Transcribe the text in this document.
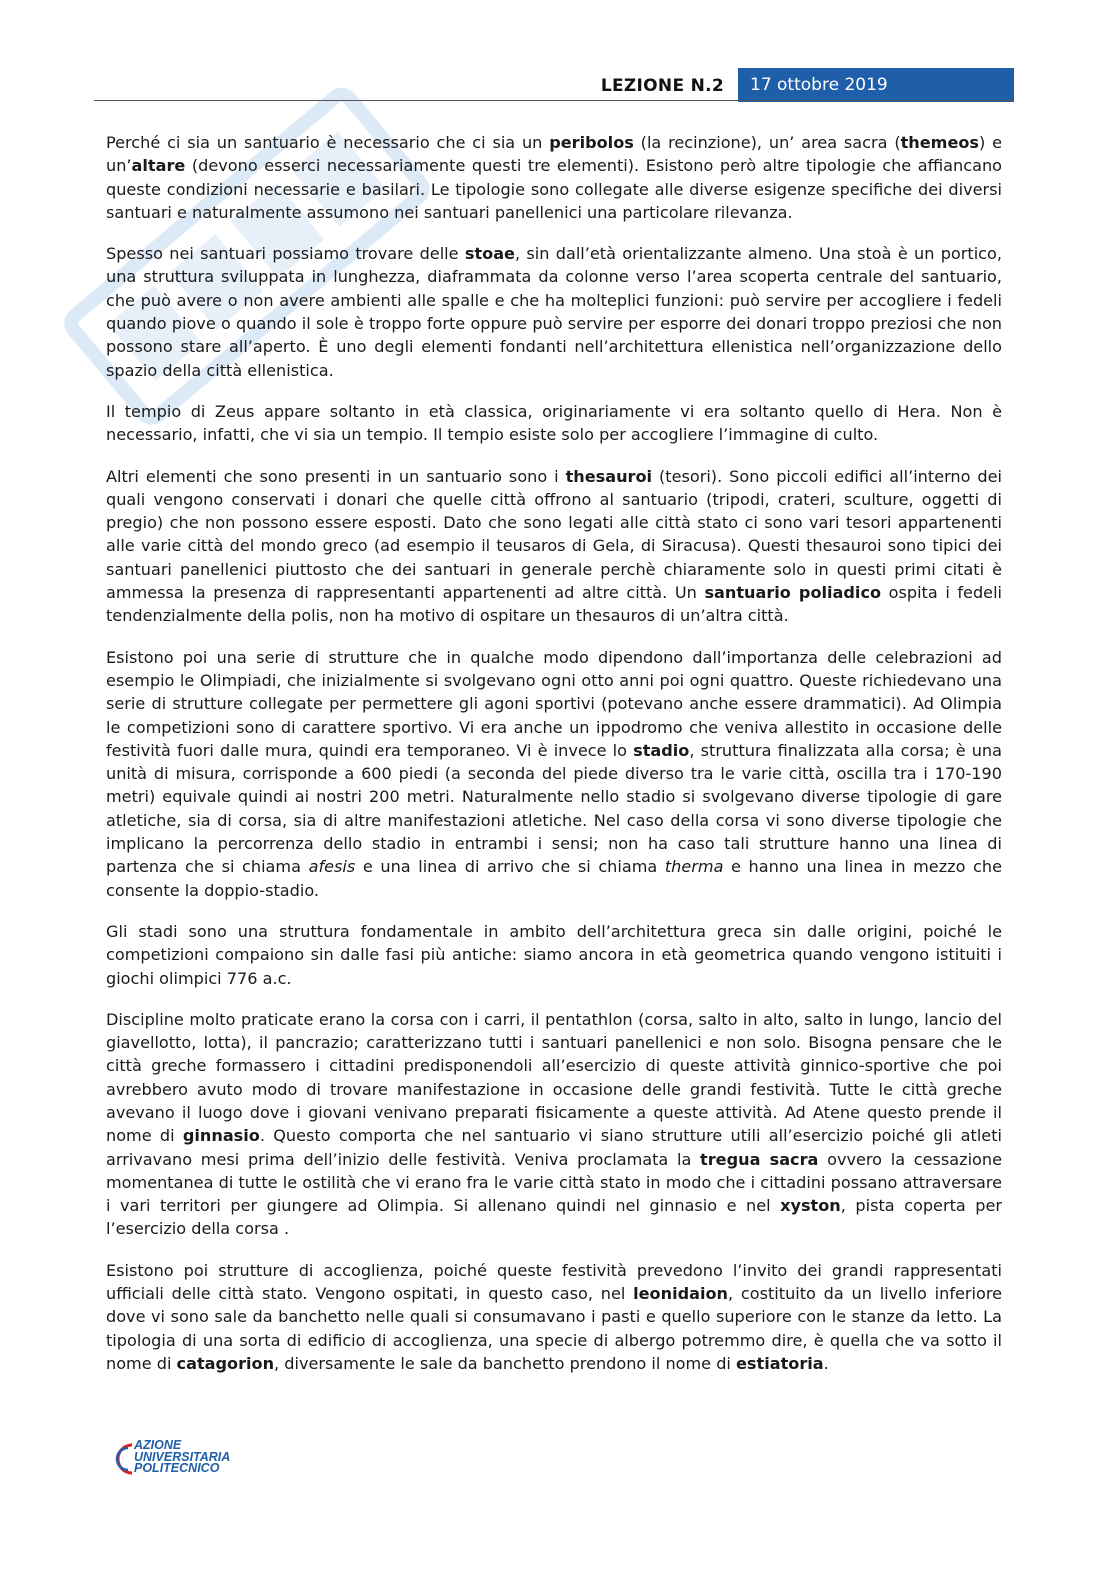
LEZIONE N.2	17 ottobre 2019

Perché ci sia un santuario è necessario che ci sia un peribolos (la recinzione), un’ area sacra (themeos) e un’altare (devono esserci necessariamente questi tre elementi). Esistono però altre tipologie che affiancano queste condizioni necessarie e basilari. Le tipologie sono collegate alle diverse esigenze specifiche dei diversi santuari e naturalmente assumono nei santuari panellenici una particolare rilevanza.

Spesso nei santuari possiamo trovare delle stoae, sin dall’età orientalizzante almeno. Una stoà è un portico, una struttura sviluppata in lunghezza, diaframmata da colonne verso l’area scoperta centrale del santuario, che può avere o non avere ambienti alle spalle e che ha molteplici funzioni: può servire per accogliere i fedeli quando piove o quando il sole è troppo forte oppure può servire per esporre dei donari troppo preziosi che non possono stare all’aperto. È uno degli elementi fondanti nell’architettura ellenistica nell’organizzazione dello spazio della città ellenistica.

Il tempio di Zeus appare soltanto in età classica, originariamente vi era soltanto quello di Hera. Non è necessario, infatti, che vi sia un tempio. Il tempio esiste solo per accogliere l’immagine di culto.

Altri elementi che sono presenti in un santuario sono i thesauroi (tesori). Sono piccoli edifici all’interno dei quali vengono conservati i donari che quelle città offrono al santuario (tripodi, crateri, sculture, oggetti di pregio) che non possono essere esposti. Dato che sono legati alle città stato ci sono vari tesori appartenenti alle varie città del mondo greco (ad esempio il teusaros di Gela, di Siracusa). Questi thesauroi sono tipici dei santuari panellenici piuttosto che dei santuari in generale perchè chiaramente solo in questi primi citati è ammessa la presenza di rappresentanti appartenenti ad altre città. Un santuario poliadico ospita i fedeli tendenzialmente della polis, non ha motivo di ospitare un thesauros di un’altra città.

Esistono poi una serie di strutture che in qualche modo dipendono dall’importanza delle celebrazioni ad esempio le Olimpiadi, che inizialmente si svolgevano ogni otto anni poi ogni quattro. Queste richiedevano una serie di strutture collegate per permettere gli agoni sportivi (potevano anche essere drammatici). Ad Olimpia le competizioni sono di carattere sportivo. Vi era anche un ippodromo che veniva allestito in occasione delle festività fuori dalle mura, quindi era temporaneo. Vi è invece lo stadio, struttura finalizzata alla corsa; è una unità di misura, corrisponde a 600 piedi (a seconda del piede diverso tra le varie città, oscilla tra i 170-190 metri) equivale quindi ai nostri 200 metri. Naturalmente nello stadio si svolgevano diverse tipologie di gare atletiche, sia di corsa, sia di altre manifestazioni atletiche. Nel caso della corsa vi sono diverse tipologie che implicano la percorrenza dello stadio in entrambi i sensi; non ha caso tali strutture hanno una linea di partenza che si chiama afesis e una linea di arrivo che si chiama therma e hanno una linea in mezzo che consente la doppio-stadio.

Gli stadi sono una struttura fondamentale in ambito dell’architettura greca sin dalle origini, poiché le competizioni compaiono sin dalle fasi più antiche: siamo ancora in età geometrica quando vengono istituiti i giochi olimpici 776 a.c.

Discipline molto praticate erano la corsa con i carri, il pentathlon (corsa, salto in alto, salto in lungo, lancio del giavellotto, lotta), il pancrazio; caratterizzano tutti i santuari panellenici e non solo. Bisogna pensare che le città greche formassero i cittadini predisponendoli all’esercizio di queste attività ginnico-sportive che poi avrebbero avuto modo di trovare manifestazione in occasione delle grandi festività. Tutte le città greche avevano il luogo dove i giovani venivano preparati fisicamente a queste attività. Ad Atene questo prende il nome di ginnasio. Questo comporta che nel santuario vi siano strutture utili all’esercizio poiché gli atleti arrivavano mesi prima dell’inizio delle festività. Veniva proclamata la tregua sacra ovvero la cessazione momentanea di tutte le ostilità che vi erano fra le varie città stato in modo che i cittadini possano attraversare i vari territori per giungere ad Olimpia. Si allenano quindi nel ginnasio e nel xyston, pista coperta per l’esercizio della corsa .

Esistono poi strutture di accoglienza, poiché queste festività prevedono l’invito dei grandi rappresentati ufficiali delle città stato. Vengono ospitati, in questo caso, nel leonidaion, costituito da un livello inferiore dove vi sono sale da banchetto nelle quali si consumavano i pasti e quello superiore con le stanze da letto. La tipologia di una sorta di edificio di accoglienza, una specie di albergo potremmo dire, è quella che va sotto il nome di catagorion, diversamente le sale da banchetto prendono il nome di estiatoria.

AZIONE
UNIVERSITARIA
POLITECNICO
